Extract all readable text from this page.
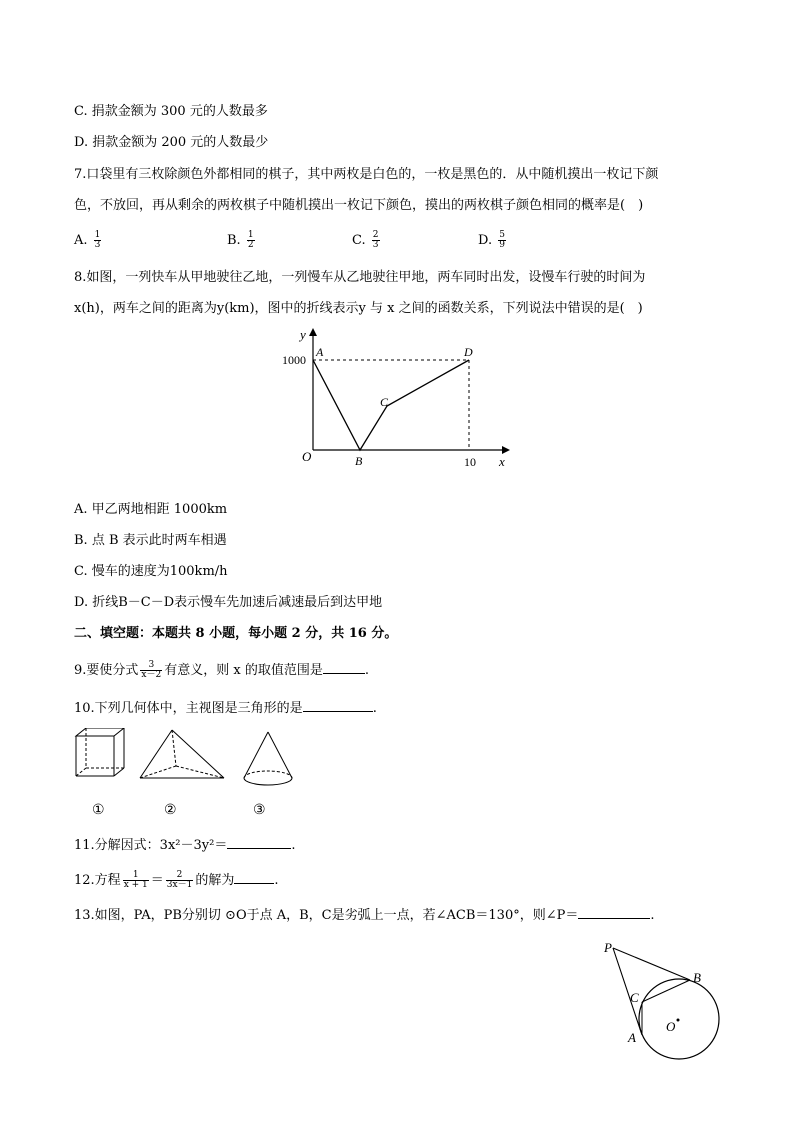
C. 捐款金额为 300 元的人数最多
D. 捐款金额为 200 元的人数最少
7.口袋里有三枚除颜色外都相同的棋子，其中两枚是白色的，一枚是黑色的．从中随机摸出一枚记下颜
色，不放回，再从剩余的两枚棋子中随机摸出一枚记下颜色，摸出的两枚棋子颜色相同的概率是(　)
A. $\frac{1}{3}$	B. $\frac{1}{2}$	C. $\frac{2}{3}$	D. $\frac{5}{9}$
8.如图，一列快车从甲地驶往乙地，一列慢车从乙地驶往甲地，两车同时出发，设慢车行驶的时间为
x(h)，两车之间的距离为y(km)，图中的折线表示y 与 x 之间的函数关系，下列说法中错误的是(　)
y
x
O
1000
10
A
B
C
D
A. 甲乙两地相距 1000km
B. 点 B 表示此时两车相遇
C. 慢车的速度为100km/h
D. 折线B－C－D表示慢车先加速后减速最后到达甲地
二、填空题：本题共 8 小题，每小题 2 分，共 16 分。
9.要使分式 $\frac{3}{x-2}$ 有意义，则 x 的取值范围是	.
10.下列几何体中，主视图是三角形的是	.
①	②	③
11.分解因式：3x²－3y²＝	.
12.方程 $\frac{1}{x + 1} = \frac{2}{3x-1}$ 的解为	.
13.如图，PA，PB分别切 ⊙O于点 A，B，C是劣弧上一点，若∠ACB＝130°，则∠P＝	.
P
B
C
A
O
